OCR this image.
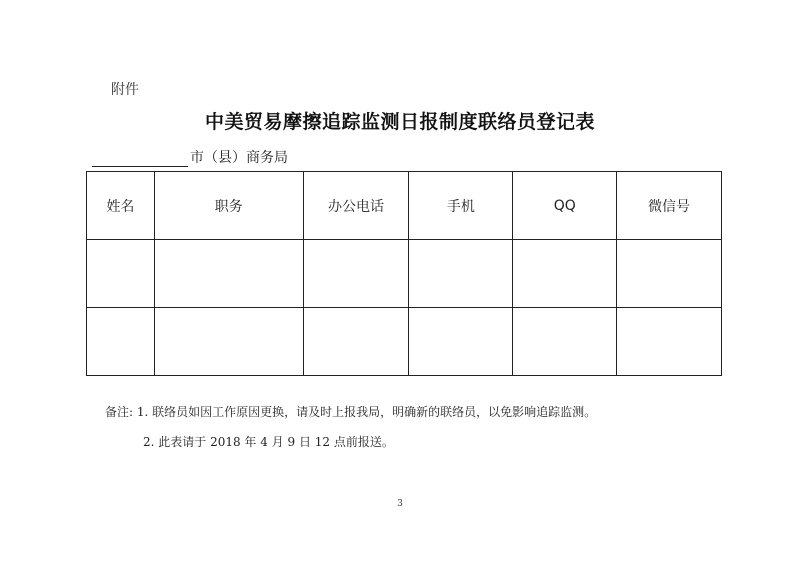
附件
中美贸易摩擦追踪监测日报制度联络员登记表
市（县）商务局
姓名	职务	办公电话	手机	QQ	微信号

备注: 1. 联络员如因工作原因更换，请及时上报我局，明确新的联络员，以免影响追踪监测。
2. 此表请于 2018 年 4 月 9 日 12 点前报送。
3
